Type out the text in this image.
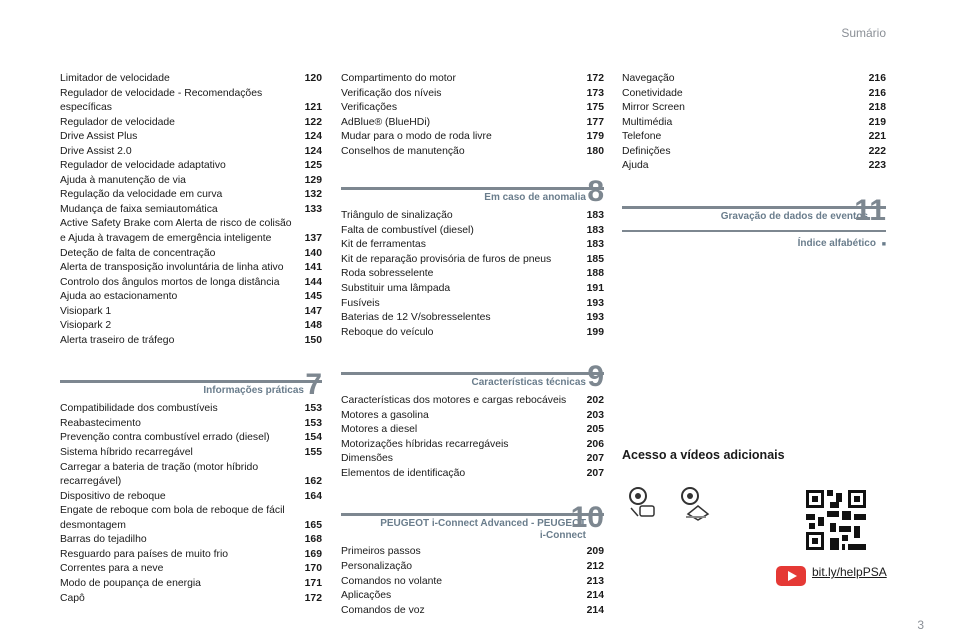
Sumário
Limitador de velocidade	120
Regulador de velocidade - Recomendações
específicas	121
Regulador de velocidade	122
Drive Assist Plus	124
Drive Assist 2.0	124
Regulador de velocidade adaptativo	125
Ajuda à manutenção de via	129
Regulação da velocidade em curva	132
Mudança de faixa semiautomática	133
Active Safety Brake com Alerta de risco de colisão
e Ajuda à travagem de emergência inteligente	137
Deteção de falta de concentração	140
Alerta de transposição involuntária de linha ativo	141
Controlo dos ângulos mortos de longa distância	144
Ajuda ao estacionamento	145
Visiopark 1	147
Visiopark 2	148
Alerta traseiro de tráfego	150
Informações práticas 7
Compatibilidade dos combustíveis	153
Reabastecimento	153
Prevenção contra combustível errado (diesel)	154
Sistema híbrido recarregável	155
Carregar a bateria de tração (motor híbrido
recarregável)	162
Dispositivo de reboque	164
Engate de reboque com bola de reboque de fácil
desmontagem	165
Barras do tejadilho	168
Resguardo para países de muito frio	169
Correntes para a neve	170
Modo de poupança de energia	171
Capô	172
Compartimento do motor	172
Verificação dos níveis	173
Verificações	175
AdBlue® (BlueHDi)	177
Mudar para o modo de roda livre	179
Conselhos de manutenção	180
Em caso de anomalia 8
Triângulo de sinalização	183
Falta de combustível (diesel)	183
Kit de ferramentas	183
Kit de reparação provisória de furos de pneus	185
Roda sobresselente	188
Substituir uma lâmpada	191
Fusíveis	193
Baterias de 12 V/sobresselentes	193
Reboque do veículo	199
Características técnicas 9
Características dos motores e cargas rebocáveis	202
Motores a gasolina	203
Motores a diesel	205
Motorizações híbridas recarregáveis	206
Dimensões	207
Elementos de identificação	207
PEUGEOT i-Connect Advanced - PEUGEOT
i-Connect
10
Primeiros passos	209
Personalização	212
Comandos no volante	213
Aplicações	214
Comandos de voz	214
Navegação	216
Conetividade	216
Mirror Screen	218
Multimédia	219
Telefone	221
Definições	222
Ajuda	223
Gravação de dados de eventos
11
Índice alfabético ■
Acesso a vídeos adicionais
bit.ly/helpPSA
3
